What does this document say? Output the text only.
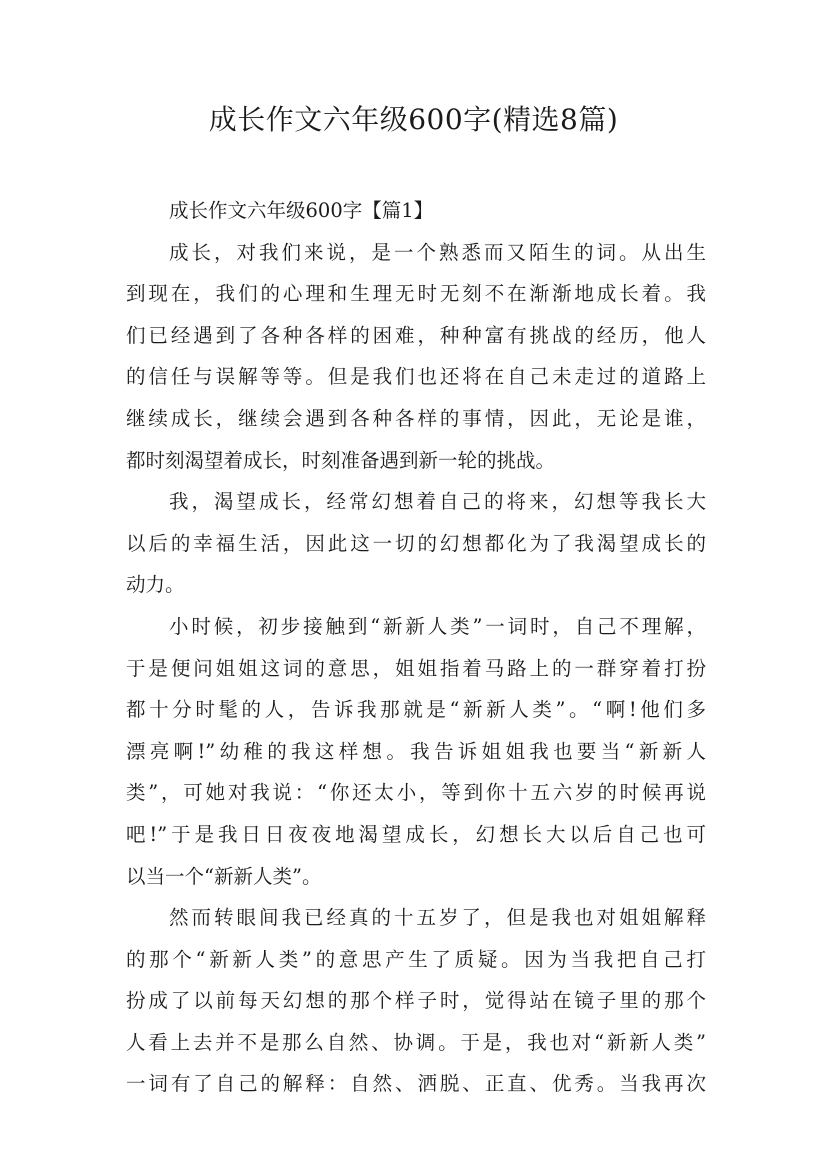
成长作文六年级600字(精选8篇)
成长作文六年级600字【篇1】
成长，对我们来说，是一个熟悉而又陌生的词。从出生
到现在，我们的心理和生理无时无刻不在渐渐地成长着。我
们已经遇到了各种各样的困难，种种富有挑战的经历，他人
的信任与误解等等。但是我们也还将在自己未走过的道路上
继续成长，继续会遇到各种各样的事情，因此，无论是谁，
都时刻渴望着成长，时刻准备遇到新一轮的挑战。
我，渴望成长，经常幻想着自己的将来，幻想等我长大
以后的幸福生活，因此这一切的幻想都化为了我渴望成长的
动力。
小时候，初步接触到“新新人类”一词时，自己不理解，
于是便问姐姐这词的意思，姐姐指着马路上的一群穿着打扮
都十分时髦的人，告诉我那就是“新新人类”。“啊!他们多
漂亮啊!”幼稚的我这样想。我告诉姐姐我也要当“新新人
类”，可她对我说：“你还太小，等到你十五六岁的时候再说
吧!”于是我日日夜夜地渴望成长，幻想长大以后自己也可
以当一个“新新人类”。
然而转眼间我已经真的十五岁了，但是我也对姐姐解释
的那个“新新人类”的意思产生了质疑。因为当我把自己打
扮成了以前每天幻想的那个样子时，觉得站在镜子里的那个
人看上去并不是那么自然、协调。于是，我也对“新新人类”
一词有了自己的解释：自然、洒脱、正直、优秀。当我再次
